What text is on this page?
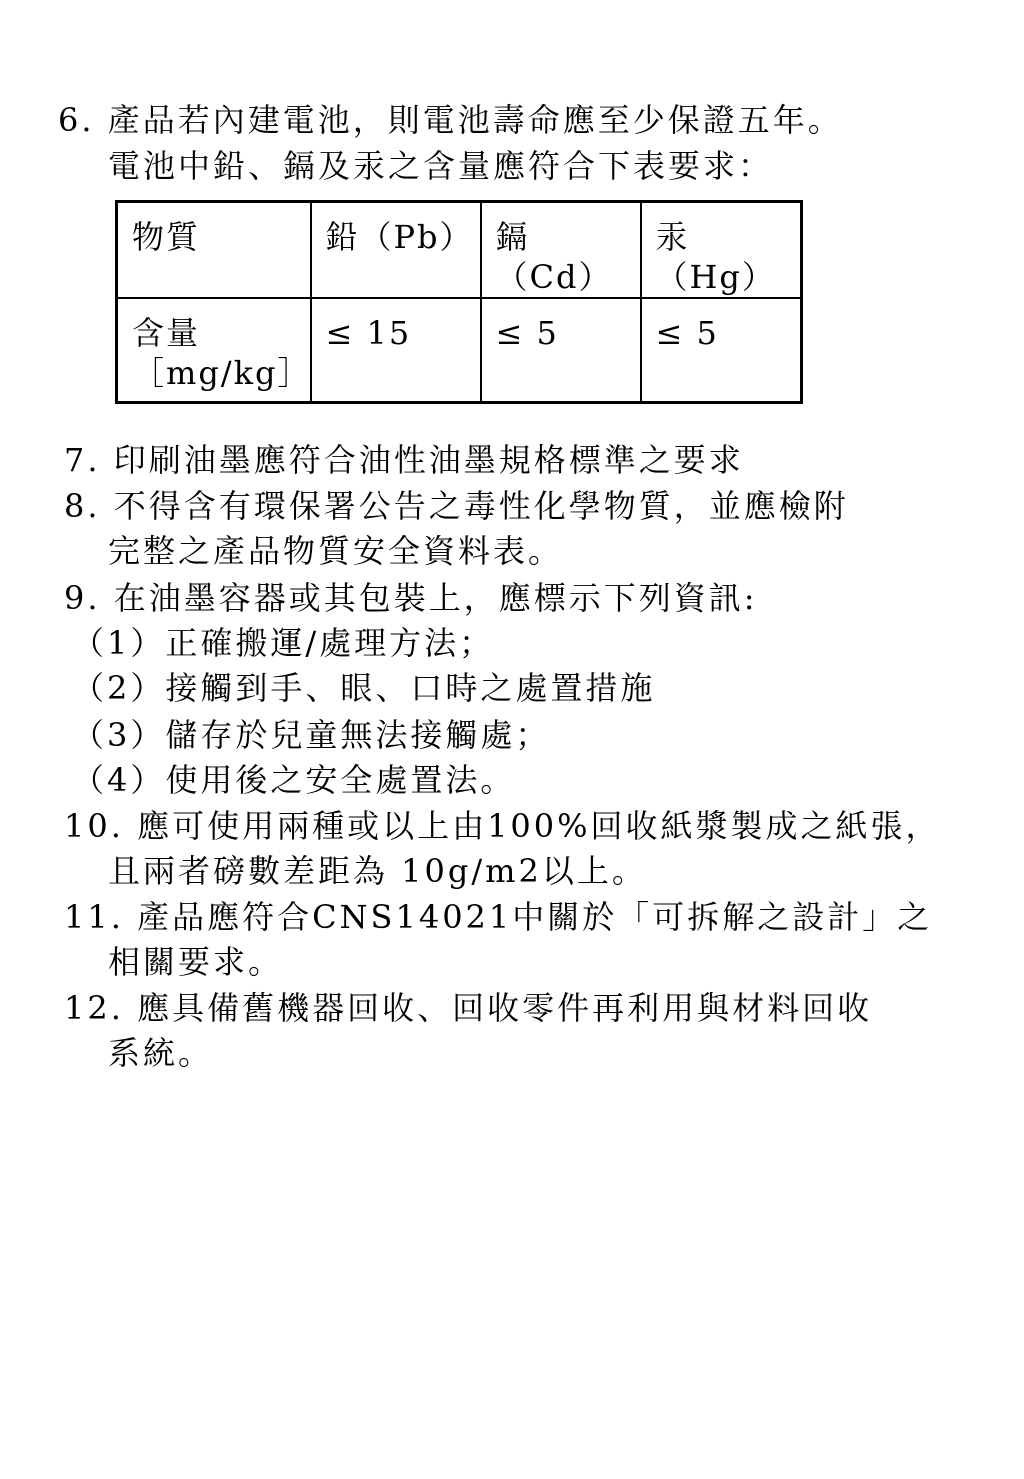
6. 產品若內建電池，則電池壽命應至少保證五年。
電池中鉛、鎘及汞之含量應符合下表要求：
物質	鉛（Pb）	鎘（Cd）	汞（Hg）
含量
［mg/kg］	≤ 15	≤ 5	≤ 5
7. 印刷油墨應符合油性油墨規格標準之要求
8. 不得含有環保署公告之毒性化學物質，並應檢附
完整之產品物質安全資料表。
9. 在油墨容器或其包裝上，應標示下列資訊:
（1）正確搬運/處理方法；
（2）接觸到手、眼、口時之處置措施
（3）儲存於兒童無法接觸處；
（4）使用後之安全處置法。
10. 應可使用兩種或以上由100%回收紙漿製成之紙張，
且兩者磅數差距為 10g/m2以上。
11. 產品應符合CNS14021中關於「可拆解之設計」之
相關要求。
12. 應具備舊機器回收、回收零件再利用與材料回收
系統。
